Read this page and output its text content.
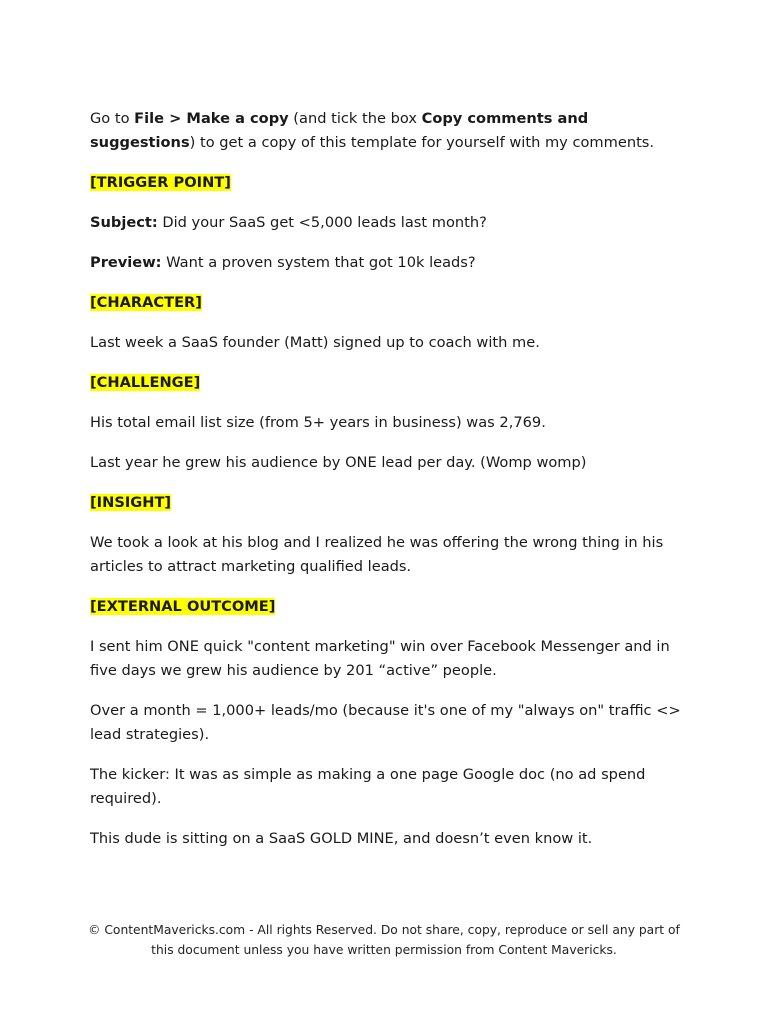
Go to File > Make a copy (and tick the box Copy comments and suggestions) to get a copy of this template for yourself with my comments.

[TRIGGER POINT]

Subject: Did your SaaS get <5,000 leads last month?

Preview: Want a proven system that got 10k leads?

[CHARACTER]

Last week a SaaS founder (Matt) signed up to coach with me.

[CHALLENGE]

His total email list size (from 5+ years in business) was 2,769.

Last year he grew his audience by ONE lead per day. (Womp womp)

[INSIGHT]

We took a look at his blog and I realized he was offering the wrong thing in his articles to attract marketing qualified leads.

[EXTERNAL OUTCOME]

I sent him ONE quick "content marketing" win over Facebook Messenger and in five days we grew his audience by 201 “active” people.

Over a month = 1,000+ leads/mo (because it's one of my "always on" traffic <> lead strategies).

The kicker: It was as simple as making a one page Google doc (no ad spend required).

This dude is sitting on a SaaS GOLD MINE, and doesn’t even know it.

© ContentMavericks.com - All rights Reserved. Do not share, copy, reproduce or sell any part of this document unless you have written permission from Content Mavericks.
